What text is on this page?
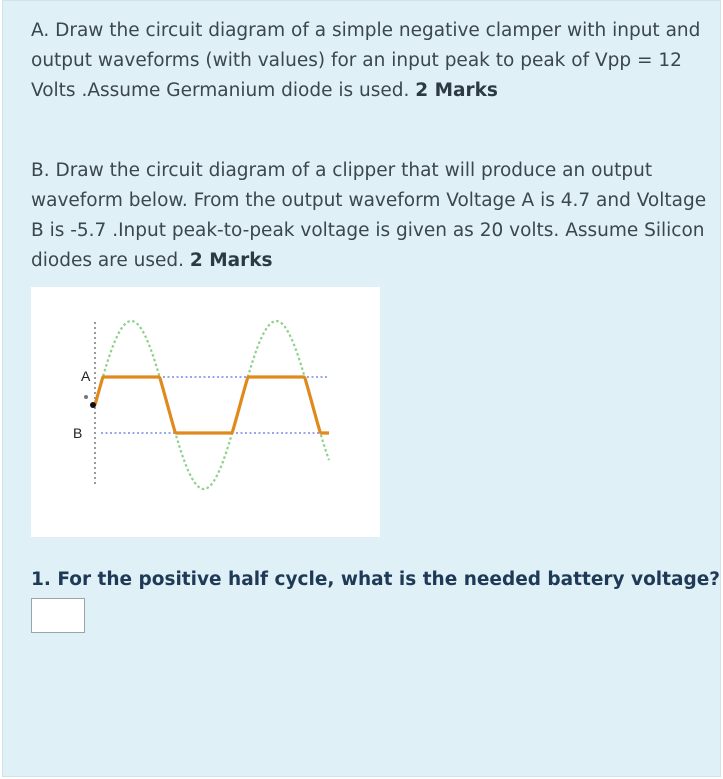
A. Draw the circuit diagram of a simple negative clamper with input and output waveforms (with values) for an input peak to peak of Vpp = 12 Volts .Assume Germanium diode is used. 2 Marks

B. Draw the circuit diagram of a clipper that will produce an output waveform below. From the output waveform Voltage A is 4.7 and Voltage B is -5.7 .Input peak-to-peak voltage is given as 20 volts. Assume Silicon diodes are used. 2 Marks

A
B

1. For the positive half cycle, what is the needed battery voltage?
